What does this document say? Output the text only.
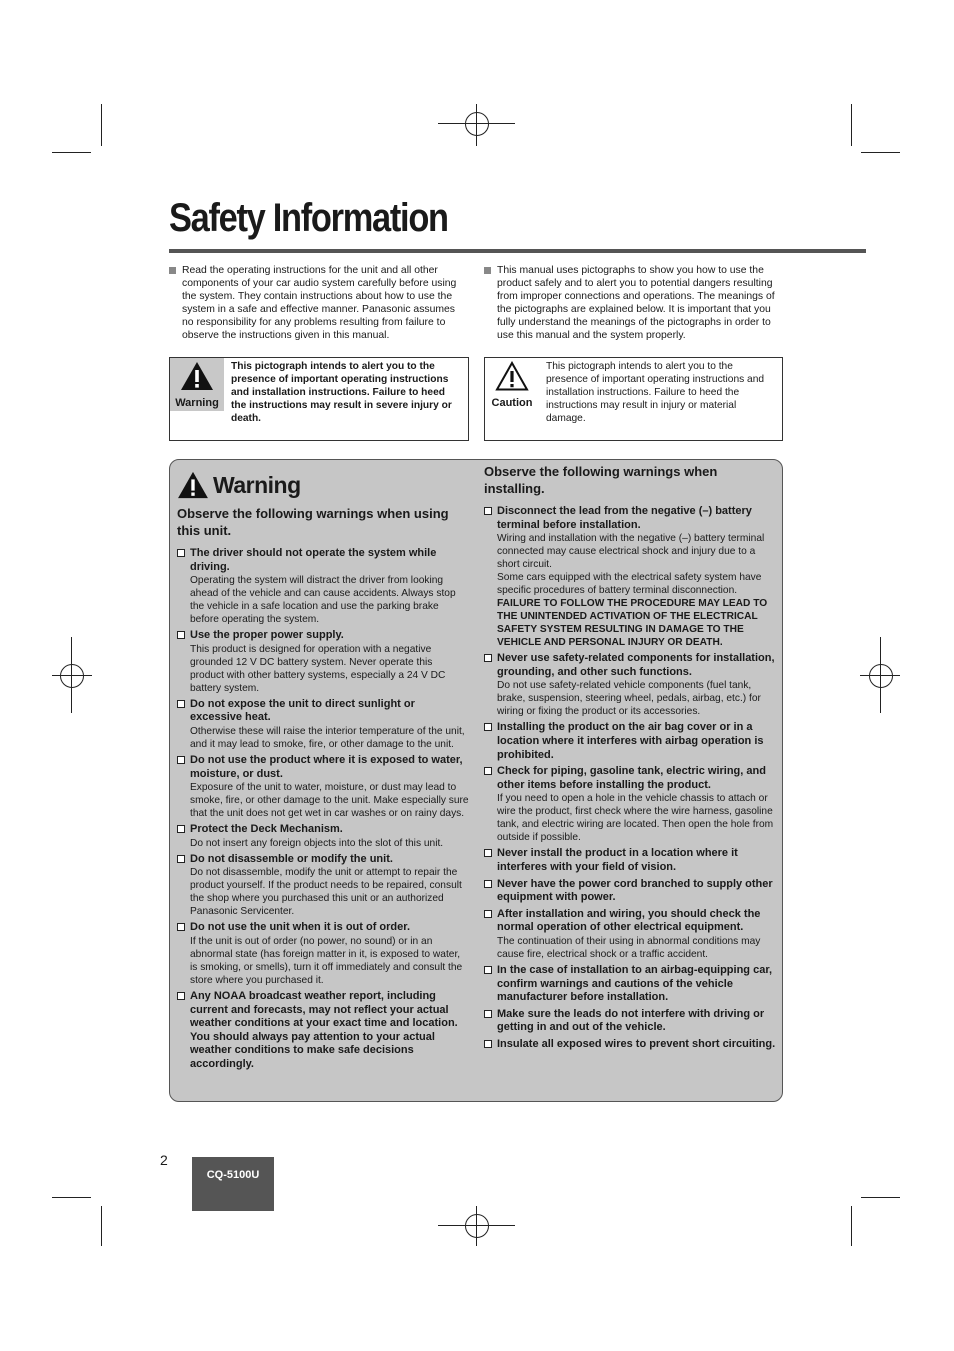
Safety Information
Read the operating instructions for the unit and all other components of your car audio system carefully before using the system. They contain instructions about how to use the system in a safe and effective manner. Panasonic assumes no responsibility for any problems resulting from failure to observe the instructions given in this manual.
This manual uses pictographs to show you how to use the product safely and to alert you to potential dangers resulting from improper connections and operations. The meanings of the pictographs are explained below. It is important that you fully understand the meanings of the pictographs in order to use this manual and the system properly.
Warning
This pictograph intends to alert you to the presence of important operating instructions and installation instructions. Failure to heed the instructions may result in severe injury or death.
Caution
This pictograph intends to alert you to the presence of important operating instructions and installation instructions. Failure to heed the instructions may result in injury or material damage.
Warning
Observe the following warnings when using this unit.
The driver should not operate the system while driving.
Operating the system will distract the driver from looking ahead of the vehicle and can cause accidents. Always stop the vehicle in a safe location and use the parking brake before operating the system.
Use the proper power supply.
This product is designed for operation with a negative grounded 12 V DC battery system. Never operate this product with other battery systems, especially a 24 V DC battery system.
Do not expose the unit to direct sunlight or excessive heat.
Otherwise these will raise the interior temperature of the unit, and it may lead to smoke, fire, or other damage to the unit.
Do not use the product where it is exposed to water, moisture, or dust.
Exposure of the unit to water, moisture, or dust may lead to smoke, fire, or other damage to the unit. Make especially sure that the unit does not get wet in car washes or on rainy days.
Protect the Deck Mechanism.
Do not insert any foreign objects into the slot of this unit.
Do not disassemble or modify the unit.
Do not disassemble, modify the unit or attempt to repair the product yourself. If the product needs to be repaired, consult the shop where you purchased this unit or an authorized Panasonic Servicenter.
Do not use the unit when it is out of order.
If the unit is out of order (no power, no sound) or in an abnormal state (has foreign matter in it, is exposed to water, is smoking, or smells), turn it off immediately and consult the store where you purchased it.
Any NOAA broadcast weather report, including current and forecasts, may not reflect your actual weather conditions at your exact time and location. You should always pay attention to your actual weather conditions to make safe decisions accordingly.
Observe the following warnings when installing.
Disconnect the lead from the negative (–) battery terminal before installation.
Wiring and installation with the negative (–) battery terminal connected may cause electrical shock and injury due to a short circuit.
Some cars equipped with the electrical safety system have specific procedures of battery terminal disconnection.
FAILURE TO FOLLOW THE PROCEDURE MAY LEAD TO THE UNINTENDED ACTIVATION OF THE ELECTRICAL SAFETY SYSTEM RESULTING IN DAMAGE TO THE VEHICLE AND PERSONAL INJURY OR DEATH.
Never use safety-related components for installation, grounding, and other such functions.
Do not use safety-related vehicle components (fuel tank, brake, suspension, steering wheel, pedals, airbag, etc.) for wiring or fixing the product or its accessories.
Installing the product on the air bag cover or in a location where it interferes with airbag operation is prohibited.
Check for piping, gasoline tank, electric wiring, and other items before installing the product.
If you need to open a hole in the vehicle chassis to attach or wire the product, first check where the wire harness, gasoline tank, and electric wiring are located. Then open the hole from outside if possible.
Never install the product in a location where it interferes with your field of vision.
Never have the power cord branched to supply other equipment with power.
After installation and wiring, you should check the normal operation of other electrical equipment.
The continuation of their using in abnormal conditions may cause fire, electrical shock or a traffic accident.
In the case of installation to an airbag-equipping car, confirm warnings and cautions of the vehicle manufacturer before installation.
Make sure the leads do not interfere with driving or getting in and out of the vehicle.
Insulate all exposed wires to prevent short circuiting.
2
CQ-5100U
